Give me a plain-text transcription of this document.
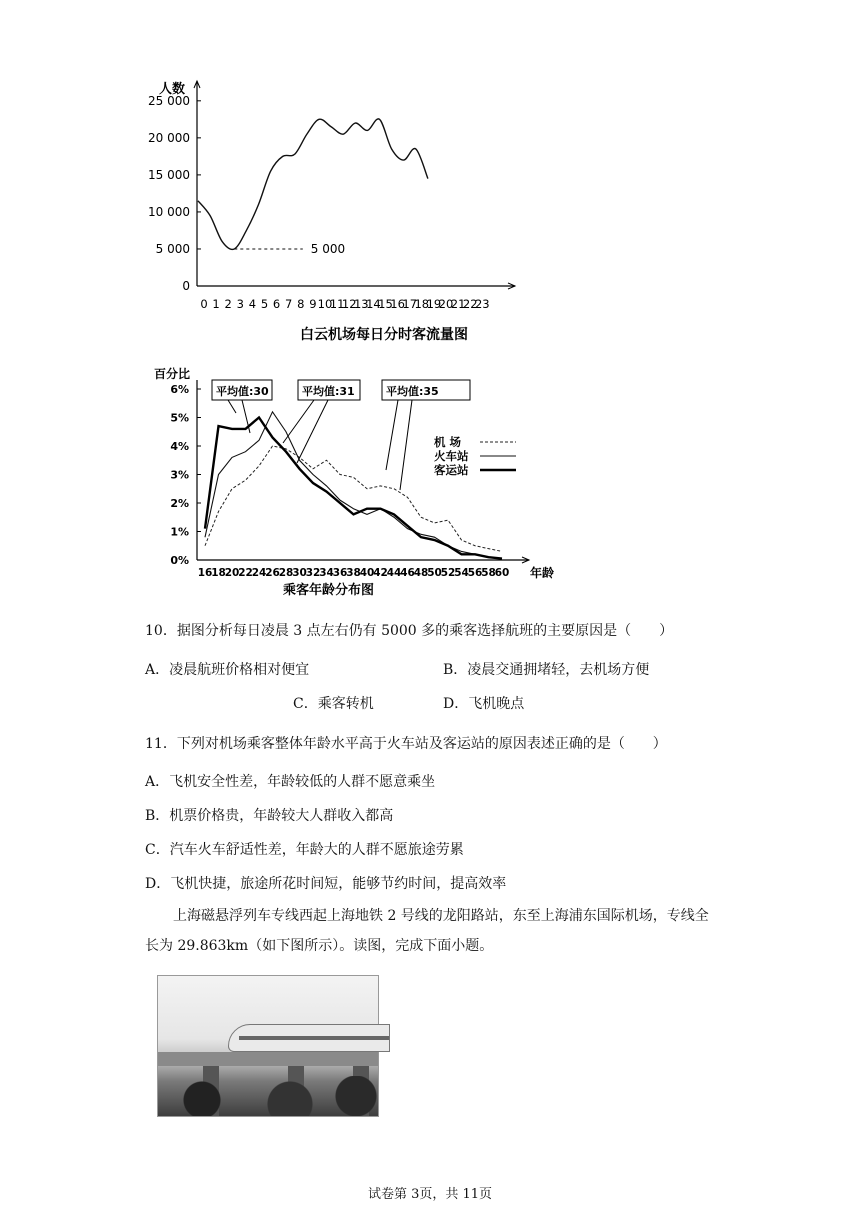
人数
0
5 000
10 000
15 000
20 000
25 000
0 1 2 3 4 5 6 7 8 9 10
11
12
13
14
15
16
17
18
19
20
21
22
23
5 000
白云机场每日分时客流量图
百分比
年龄
0%
1%
2%
3%
4%
5%
6%
16
18
20
22
24
26
28
30
32
34
36
38
40
42
44
46
48
50
52
54
56
58
60
平均值:30	平均值:31	平均值:35
机 场
火车站
客运站
乘客年龄分布图
10．据图分析每日凌晨 3 点左右仍有 5000 多的乘客选择航班的主要原因是（　　）
A．凌晨航班价格相对便宜	B．凌晨交通拥堵轻，去机场方便
C．乘客转机	D．飞机晚点
11．下列对机场乘客整体年龄水平高于火车站及客运站的原因表述正确的是（　　）
A．飞机安全性差，年龄较低的人群不愿意乘坐
B．机票价格贵，年龄较大人群收入都高
C．汽车火车舒适性差，年龄大的人群不愿旅途劳累
D．飞机快捷，旅途所花时间短，能够节约时间，提高效率
上海磁悬浮列车专线西起上海地铁 2 号线的龙阳路站，东至上海浦东国际机场，专线全长为 29.863km（如下图所示）。读图，完成下面小题。
试卷第 3页，共 11页
